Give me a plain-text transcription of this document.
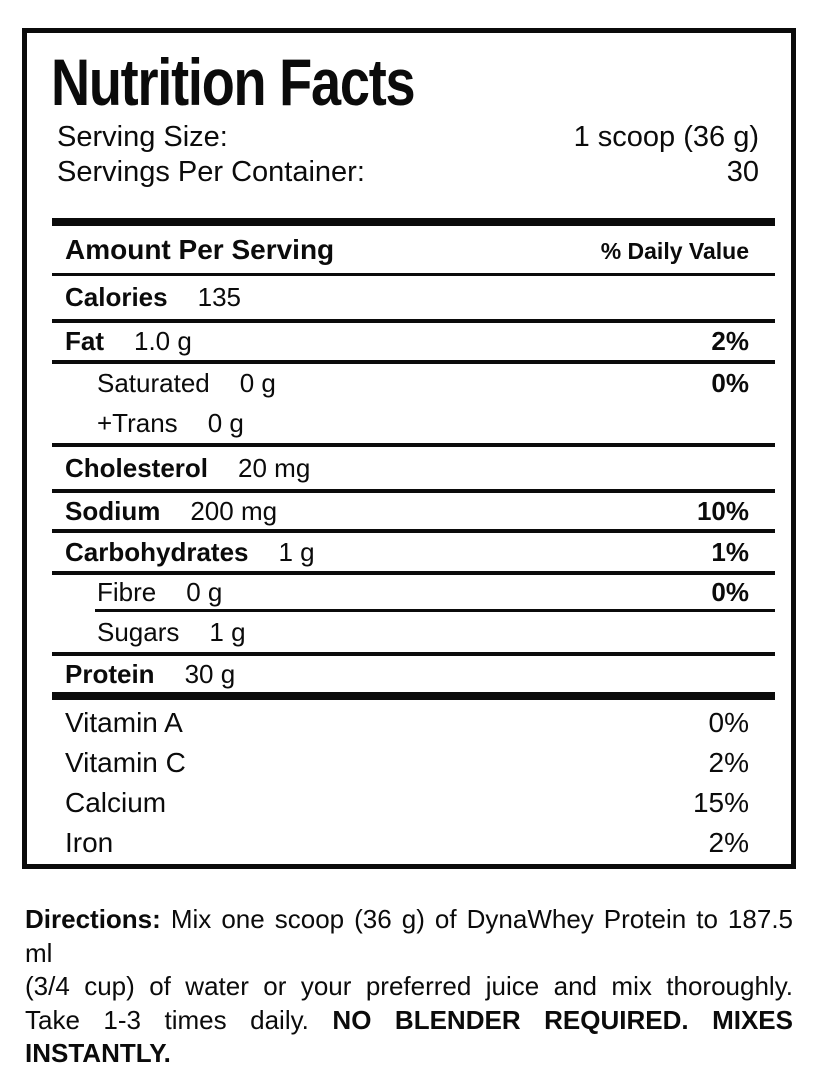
Nutrition Facts
Serving Size:	1 scoop (36 g)
Servings Per Container:	30
Amount Per Serving	% Daily Value
Calories 135
Fat 1.0 g	2%
Saturated 0 g	0%
+Trans 0 g
Cholesterol 20 mg
Sodium 200 mg	10%
Carbohydrates 1 g	1%
Fibre 0 g	0%
Sugars 1 g
Protein 30 g
Vitamin A	0%
Vitamin C	2%
Calcium	15%
Iron	2%
Directions: Mix one scoop (36 g) of DynaWhey Protein to 187.5 ml
(3/4 cup) of water or your preferred juice and mix thoroughly.
Take 1-3 times daily. NO BLENDER REQUIRED. MIXES INSTANTLY.
